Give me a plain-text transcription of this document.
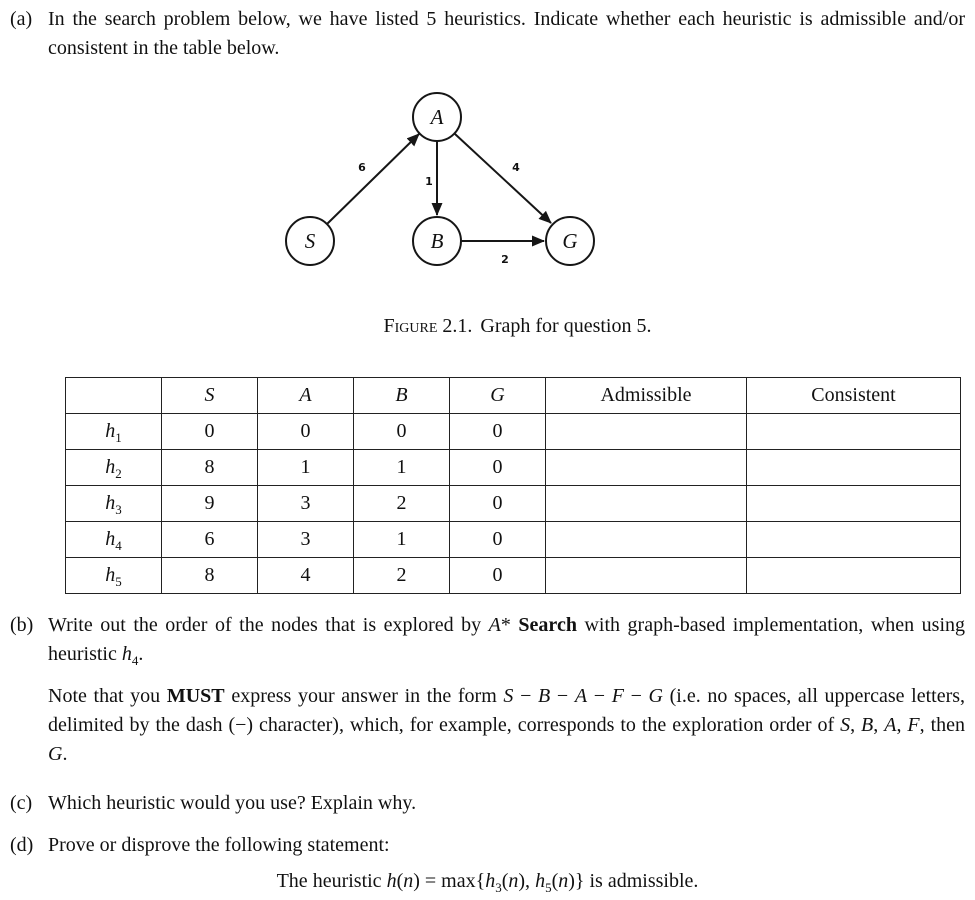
(a) In the search problem below, we have listed 5 heuristics. Indicate whether each heuristic is admissible and/or consistent in the table below.
6
1
4
2
A
S	B	G
Figure 2.1. Graph for question 5.
	S	A	B	G	Admissible	Consistent
$h_1$	0	0	0	0		
$h_2$	8	1	1	0		
$h_3$	9	3	2	0		
$h_4$	6	3	1	0		
$h_5$	8	4	2	0		
(b) Write out the order of the nodes that is explored by A* Search with graph-based implementation, when using heuristic $h_4$.

Note that you MUST express your answer in the form S − B − A − F − G (i.e. no spaces, all uppercase letters, delimited by the dash (−) character), which, for example, corresponds to the exploration order of S, B, A, F, then G.

(c) Which heuristic would you use? Explain why.
(d) Prove or disprove the following statement:
The heuristic $h(n) = \max\{h_3(n)$, $h_5(n)$} is admissible.
